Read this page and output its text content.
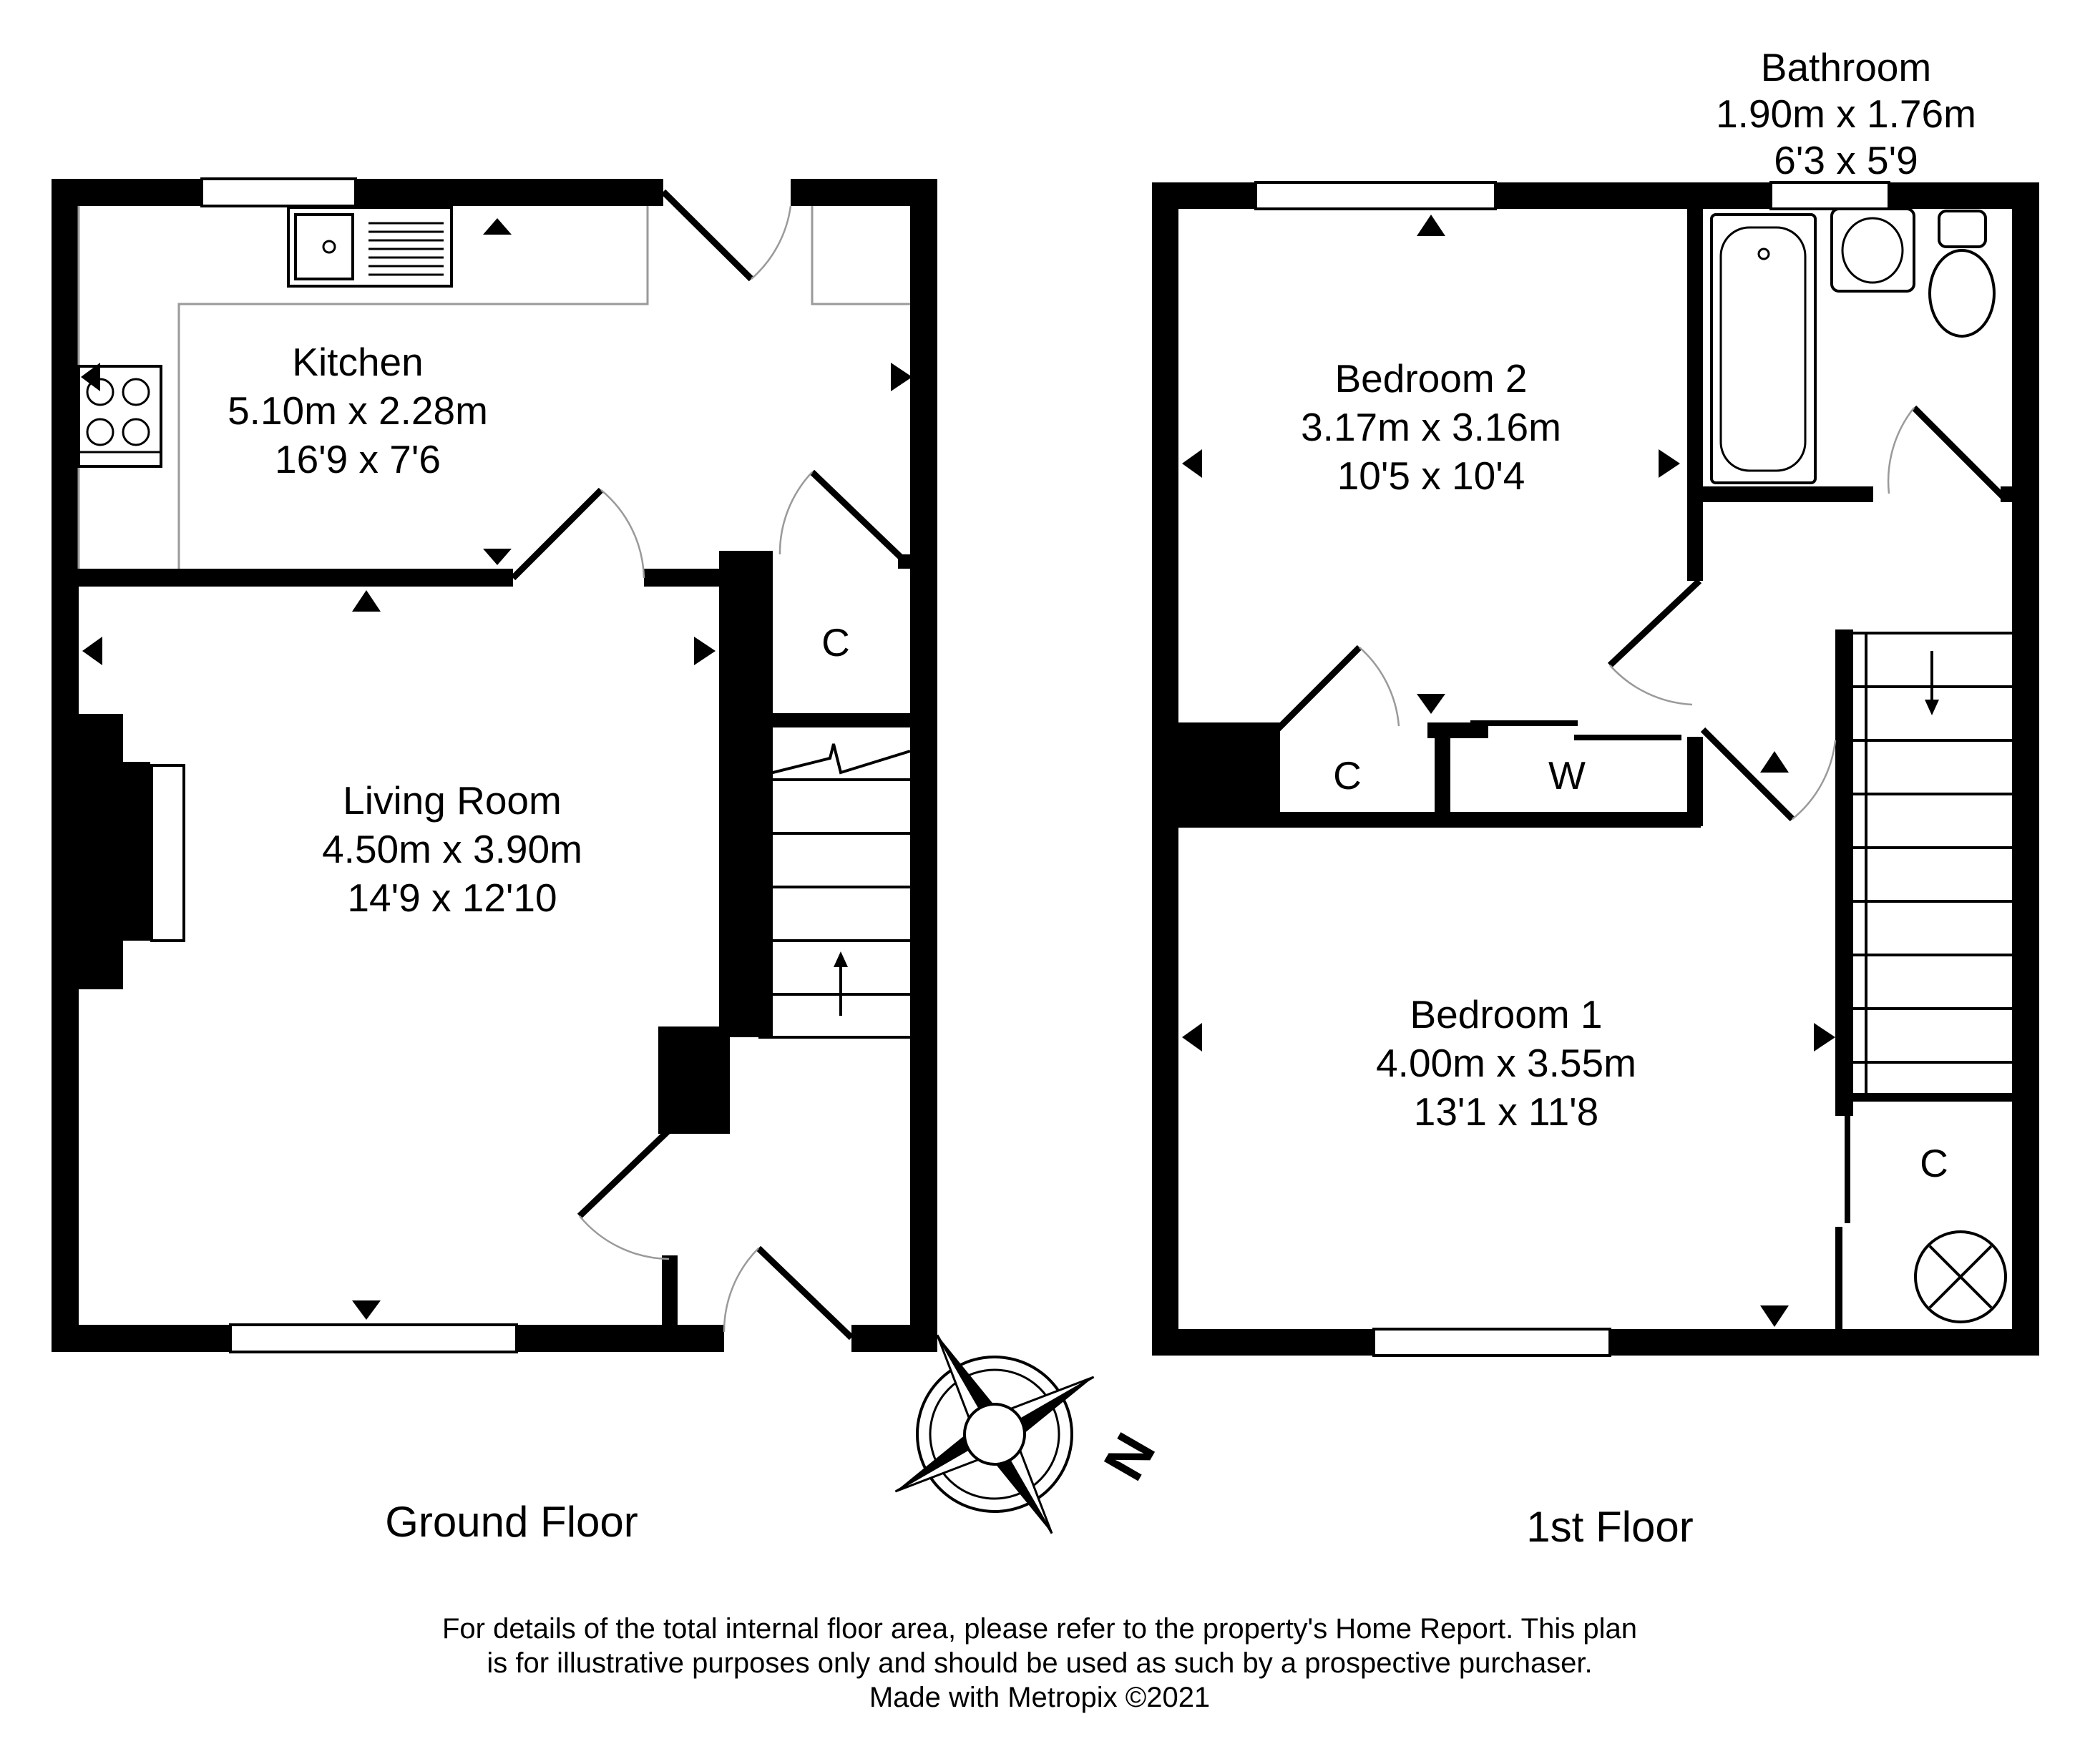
Kitchen
5.10m x 2.28m
16'9 x 7'6
Living Room
4.50m x 3.90m
14'9 x 12'10
C
Bathroom
1.90m x 1.76m
6'3 x 5'9
Bedroom 2
3.17m x 3.16m
10'5 x 10'4
Bedroom 1
4.00m x 3.55m
13'1 x 11'8
C	W
C
Ground Floor	1st Floor
For details of the total internal floor area, please refer to the property's Home Report. This plan
is for illustrative purposes only and should be used as such by a prospective purchaser.
Made with Metropix ©2021
N
